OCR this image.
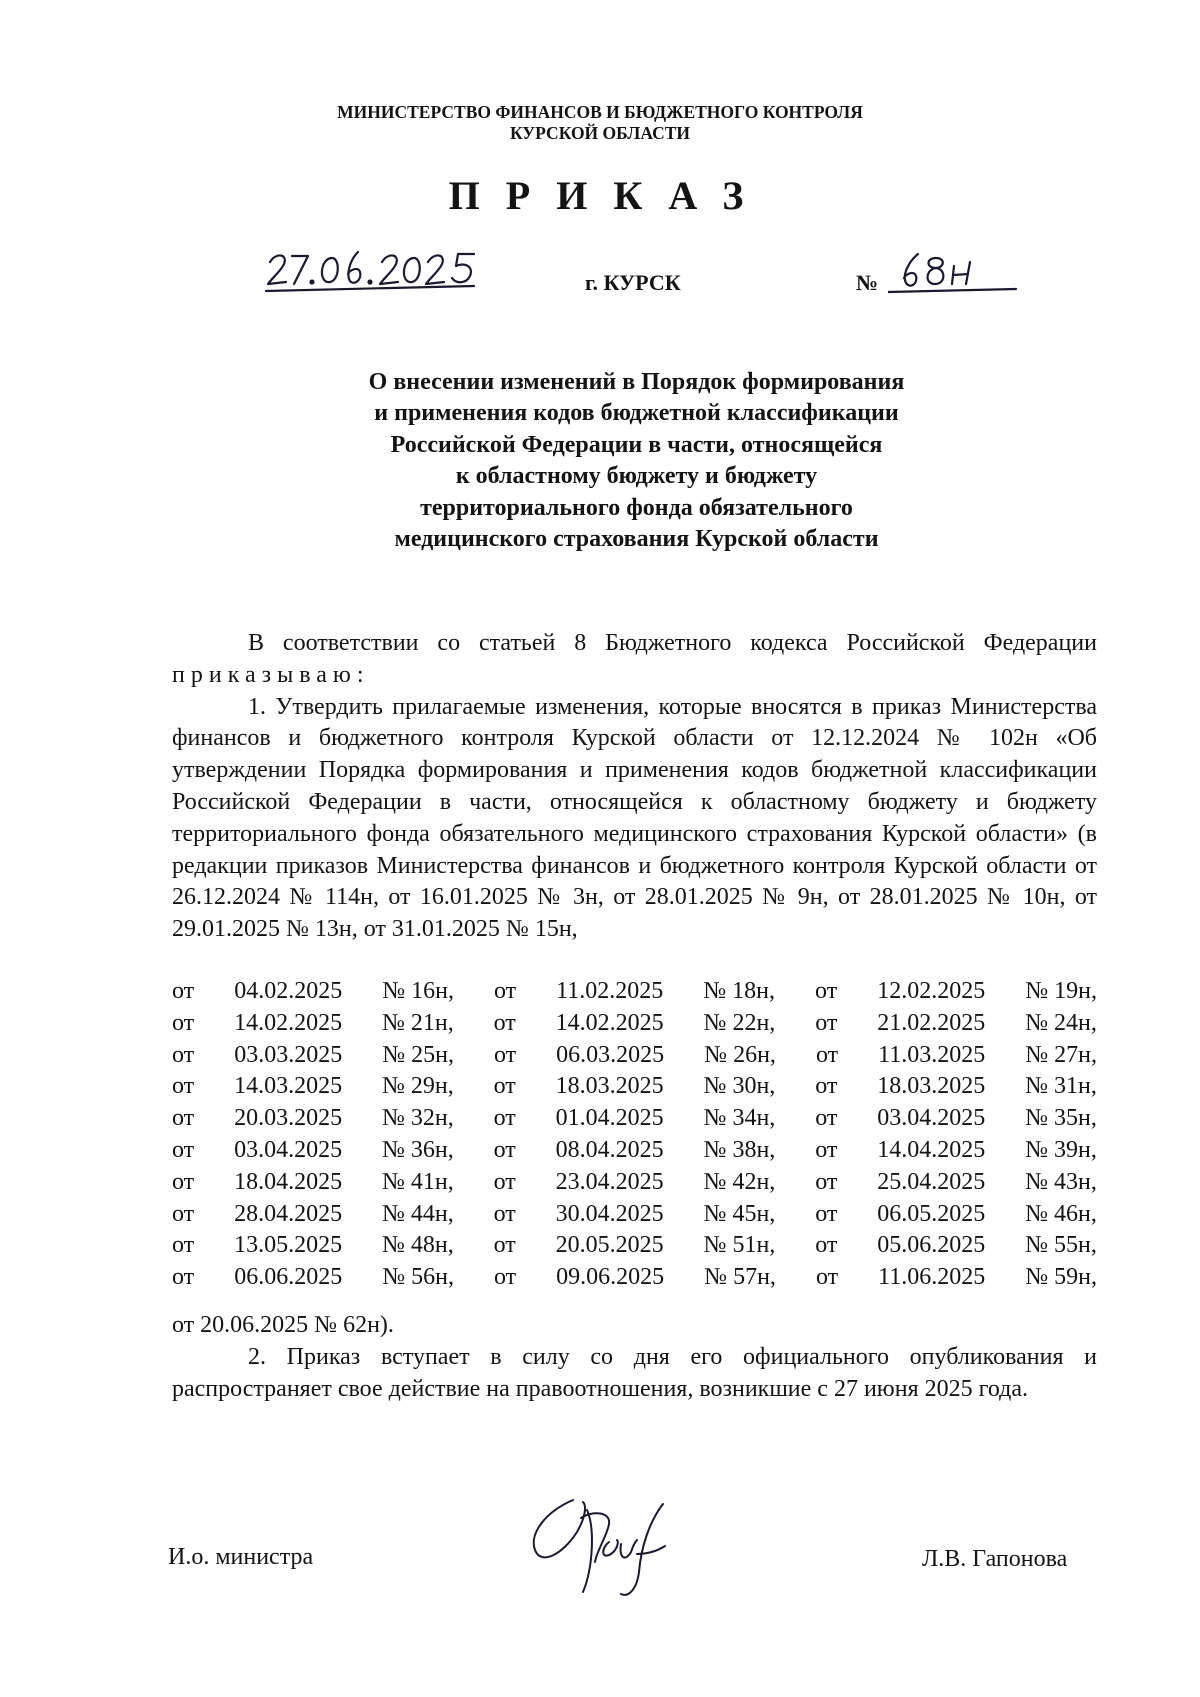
МИНИСТЕРСТВО ФИНАНСОВ И БЮДЖЕТНОГО КОНТРОЛЯ
КУРСКОЙ ОБЛАСТИ
ПРИКАЗ
г. КУРСК	№
О внесении изменений в Порядок формирования
и применения кодов бюджетной классификации
Российской Федерации в части, относящейся
к областному бюджету и бюджету
территориального фонда обязательного
медицинского страхования Курской области

В соответствии со статьей 8 Бюджетного кодекса Российской Федерации приказываю:

1. Утвердить прилагаемые изменения, которые вносятся в приказ Министерства финансов и бюджетного контроля Курской области от 12.12.2024 № 102н «Об утверждении Порядка формирования и применения кодов бюджетной классификации Российской Федерации в части, относящейся к областному бюджету и бюджету территориального фонда обязательного медицинского страхования Курской области» (в редакции приказов Министерства финансов и бюджетного контроля Курской области от 26.12.2024 № 114н, от 16.01.2025 № 3н, от 28.01.2025 № 9н, от 28.01.2025 № 10н, от 29.01.2025 № 13н, от 31.01.2025 № 15н,

от 04.02.2025 № 16н, от 11.02.2025 № 18н, от 12.02.2025 № 19н,
от 14.02.2025 № 21н, от 14.02.2025 № 22н, от 21.02.2025 № 24н,
от 03.03.2025 № 25н, от 06.03.2025 № 26н, от 11.03.2025 № 27н,
от 14.03.2025 № 29н, от 18.03.2025 № 30н, от 18.03.2025 № 31н,
от 20.03.2025 № 32н, от 01.04.2025 № 34н, от 03.04.2025 № 35н,
от 03.04.2025 № 36н, от 08.04.2025 № 38н, от 14.04.2025 № 39н,
от 18.04.2025 № 41н, от 23.04.2025 № 42н, от 25.04.2025 № 43н,
от 28.04.2025 № 44н, от 30.04.2025 № 45н, от 06.05.2025 № 46н,
от 13.05.2025 № 48н, от 20.05.2025 № 51н, от 05.06.2025 № 55н,
от 06.06.2025 № 56н, от 09.06.2025 № 57н, от 11.06.2025 № 59н,
от 20.06.2025 № 62н).

2. Приказ вступает в силу со дня его официального опубликования и распространяет свое действие на правоотношения, возникшие с 27 июня 2025 года.

И.о. министра	Л.В. Гапонова
